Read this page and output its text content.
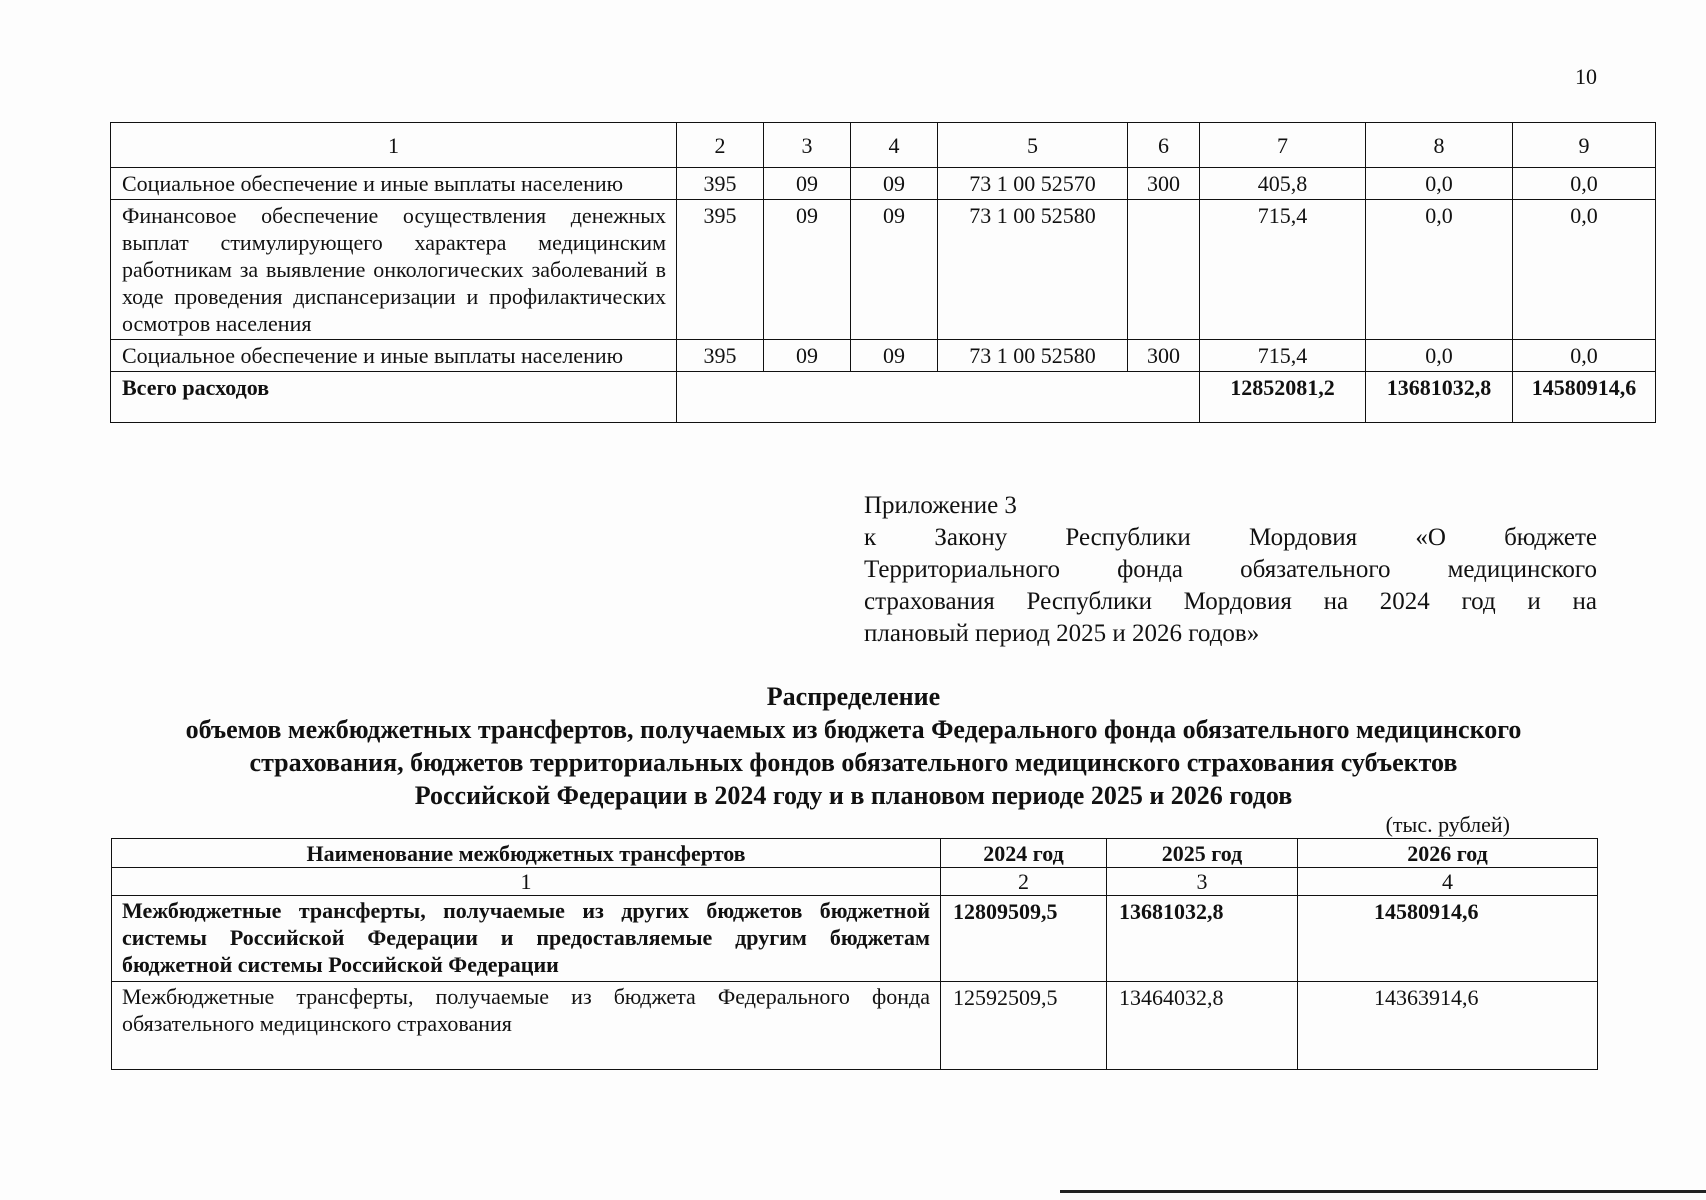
10
1	2	3	4	5	6	7	8	9
Социальное обеспечение и иные выплаты населению	395	09	09	73 1 00 52570	300	405,8	0,0	0,0
Финансовое обеспечение осуществления денежных выплат стимулирующего характера медицинским работникам за выявление онкологических заболеваний в ходе проведения диспансеризации и профилактических осмотров населения	395	09	09	73 1 00 52580		715,4	0,0	0,0
Социальное обеспечение и иные выплаты населению	395	09	09	73 1 00 52580	300	715,4	0,0	0,0
Всего расходов						12852081,2	13681032,8	14580914,6
Приложение 3
к Закону Республики Мордовия «О бюджете
Территориального фонда обязательного медицинского
страхования Республики Мордовия на 2024 год и на
плановый период 2025 и 2026 годов»
Распределение
объемов межбюджетных трансфертов, получаемых из бюджета Федерального фонда обязательного медицинского
страхования, бюджетов территориальных фондов обязательного медицинского страхования субъектов
Российской Федерации в 2024 году и в плановом периоде 2025 и 2026 годов
(тыс. рублей)
Наименование межбюджетных трансфертов	2024 год	2025 год	2026 год
1	2	3	4
Межбюджетные трансферты, получаемые из других бюджетов бюджетной системы Российской Федерации и предоставляемые другим бюджетам бюджетной системы Российской Федерации	12809509,5	13681032,8	14580914,6
Межбюджетные трансферты, получаемые из бюджета Федерального фонда обязательного медицинского страхования	12592509,5	13464032,8	14363914,6
